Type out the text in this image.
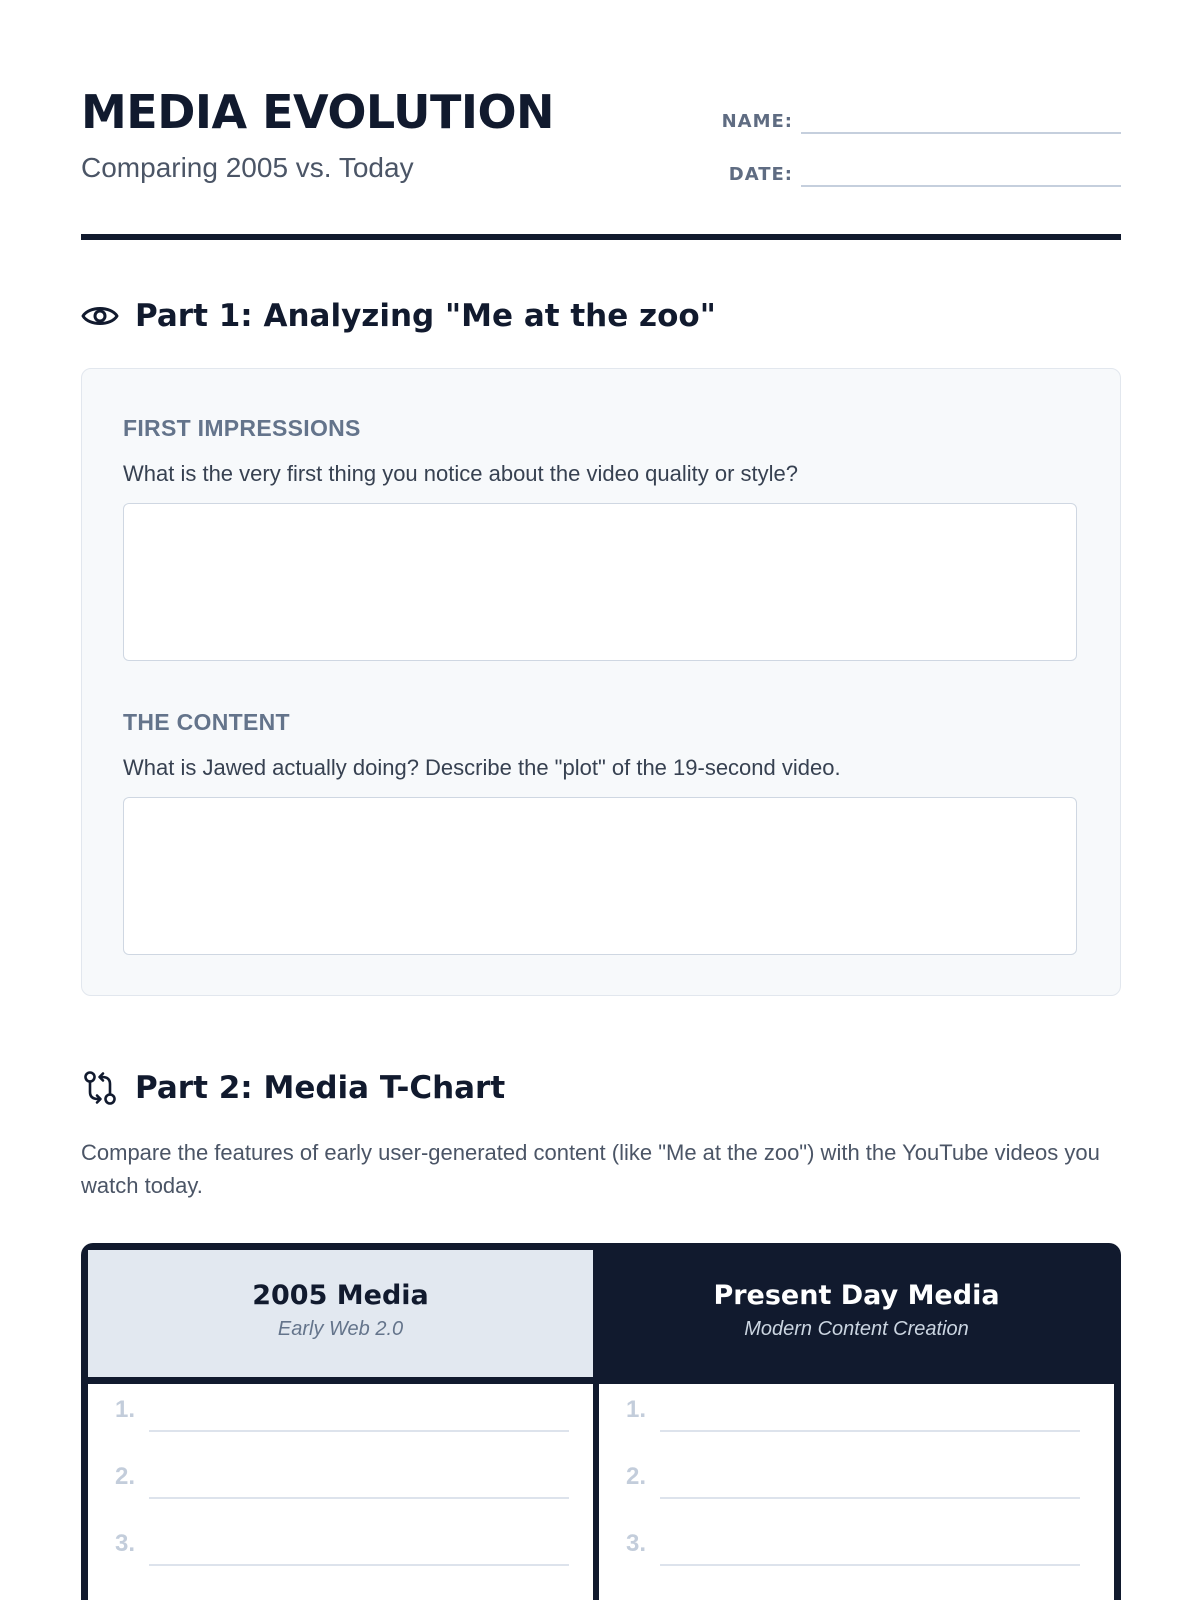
MEDIA EVOLUTION
Comparing 2005 vs. Today
NAME:
DATE:
Part 1: Analyzing "Me at the zoo"
FIRST IMPRESSIONS
What is the very first thing you notice about the video quality or style?
THE CONTENT
What is Jawed actually doing? Describe the "plot" of the 19-second video.
Part 2: Media T-Chart

Compare the features of early user-generated content (like "Me at the zoo") with the YouTube videos you watch today.

2005 Media
Early Web 2.0
Present Day Media
Modern Content Creation
1.
2.
3.
1.
2.
3.
